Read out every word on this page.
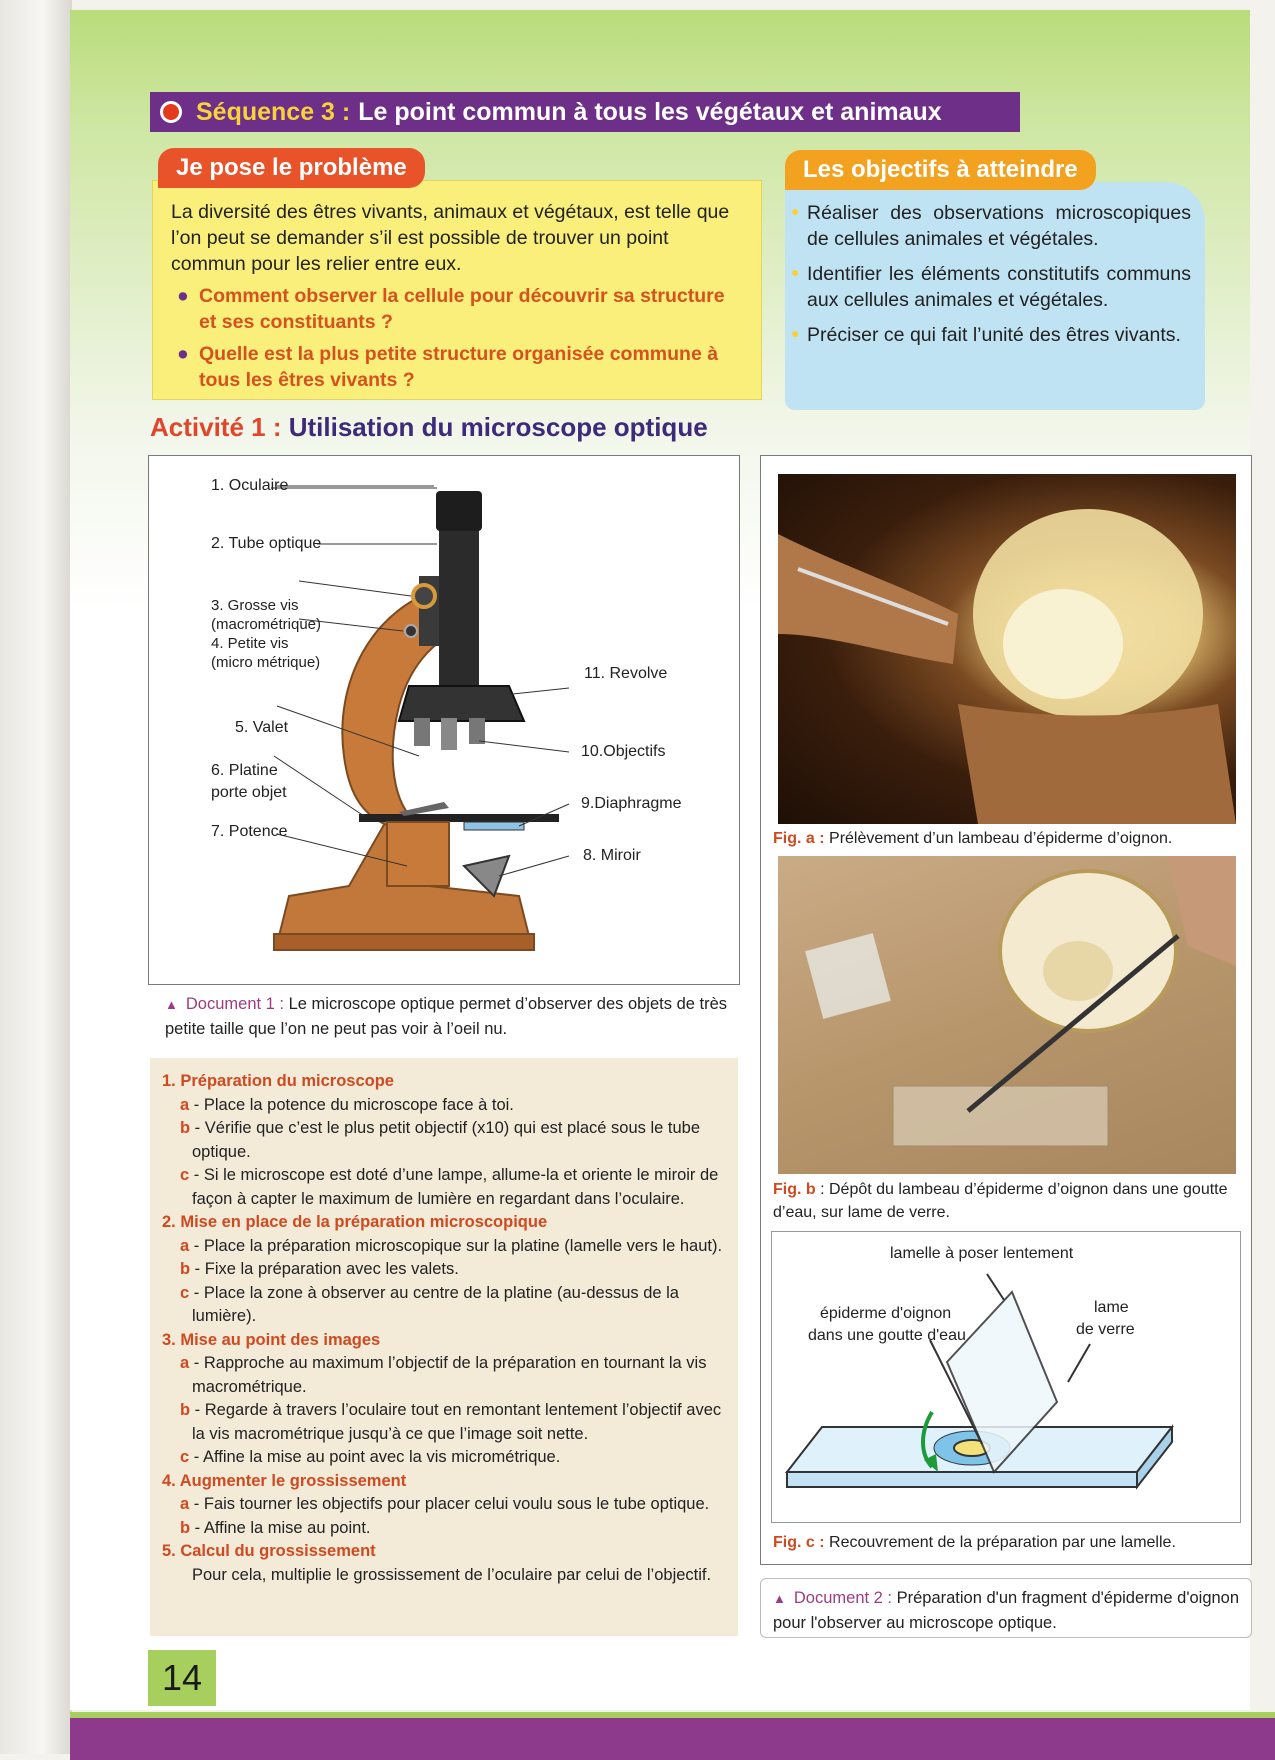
Séquence 3 : Le point commun à tous les végétaux et animaux
La diversité des êtres vivants, animaux et végétaux, est telle que l’on peut se demander s’il est possible de trouver un point commun pour les relier entre eux.
● Comment observer la cellule pour découvrir sa structure et ses constituants ?
● Quelle est la plus petite structure organisée commune à tous les êtres vivants ?
Je pose le problème
● Réaliser des observations microscopiques de cellules animales et végétales.
● Identifier les éléments constitutifs communs aux cellules animales et végétales.
● Préciser ce qui fait l’unité des êtres vivants.
Les objectifs à atteindre
Activité 1 : Utilisation du microscope optique
1. Oculaire
2. Tube optique
3. Grosse vis
(macrométrique)
4. Petite vis
(micro métrique)
5. Valet
6. Platine
porte objet
7. Potence
11. Revolve
10.Objectifs
9.Diaphragme
8. Miroir
▲ Document 1 : Le microscope optique permet d’observer des objets de très petite taille que l’on ne peut pas voir à l’oeil nu.
1. Préparation du microscope
a - Place la potence du microscope face à toi.
b - Vérifie que c’est le plus petit objectif (x10) qui est placé sous le tube optique.
c - Si le microscope est doté d’une lampe, allume-la et oriente le miroir de façon à capter le maximum de lumière en regardant dans l’oculaire.
2. Mise en place de la préparation microscopique
a - Place la préparation microscopique sur la platine (lamelle vers le haut).
b - Fixe la préparation avec les valets.
c - Place la zone à observer au centre de la platine (au-dessus de la lumière).
3. Mise au point des images
a - Rapproche au maximum l’objectif de la préparation en tournant la vis macrométrique.
b - Regarde à travers l’oculaire tout en remontant lentement l’objectif avec la vis macrométrique jusqu’à ce que l’image soit nette.
c - Affine la mise au point avec la vis micrométrique.
4. Augmenter le grossissement
a - Fais tourner les objectifs pour placer celui voulu sous le tube optique.
b - Affine la mise au point.
5. Calcul du grossissement
Pour cela, multiplie le grossissement de l’oculaire par celui de l’objectif.
Fig. a : Prélèvement d’un lambeau d’épiderme d’oignon.
Fig. b : Dépôt du lambeau d’épiderme d’oignon dans une goutte d’eau, sur lame de verre.
lamelle à poser lentement
épiderme d'oignon
dans une goutte d'eau
lame
de verre
Fig. c : Recouvrement de la préparation par une lamelle.
▲ Document 2 : Préparation d'un fragment d'épiderme d'oignon pour l'observer au microscope optique.
14
